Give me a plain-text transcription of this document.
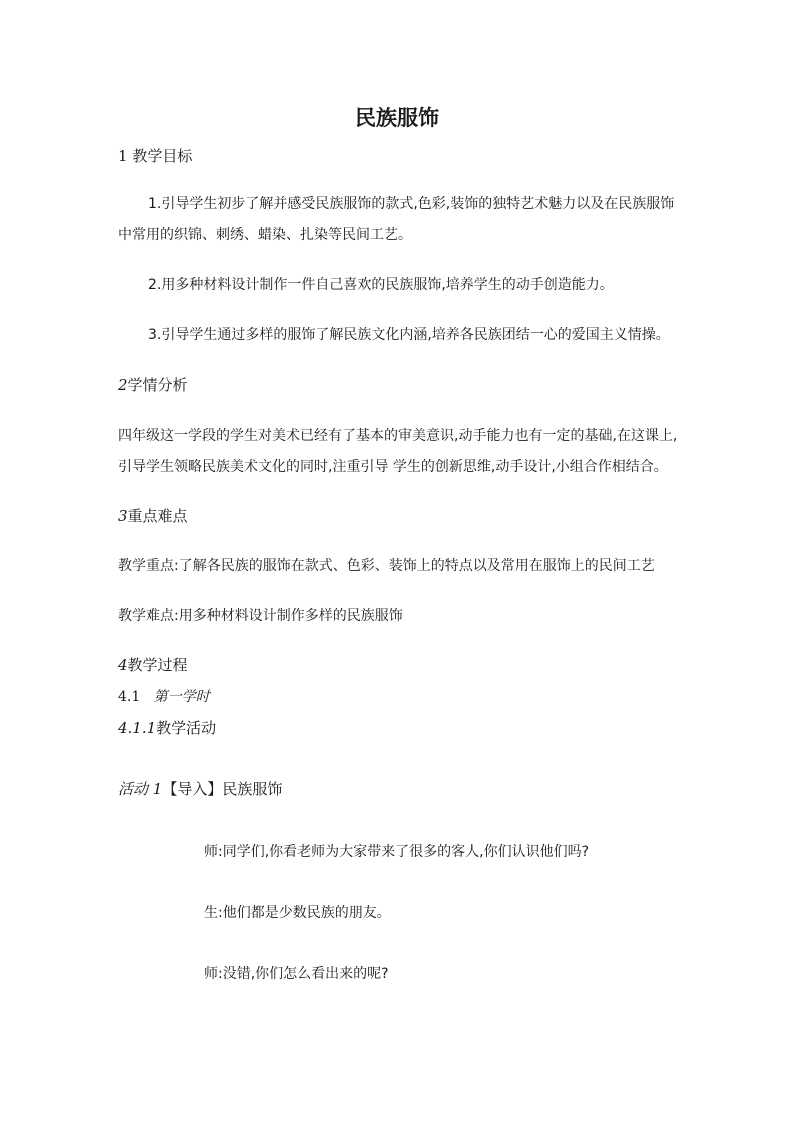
民族服饰
1 教学目标
1.引导学生初步了解并感受民族服饰的款式,色彩,装饰的独特艺术魅力以及在民族服饰
中常用的织锦、刺绣、蜡染、扎染等民间工艺。
2.用多种材料设计制作一件自己喜欢的民族服饰,培养学生的动手创造能力。
3.引导学生通过多样的服饰了解民族文化内涵,培养各民族团结一心的爱国主义情操。
2学情分析
四年级这一学段的学生对美术已经有了基本的审美意识,动手能力也有一定的基础,在这课上,
引导学生领略民族美术文化的同时,注重引导 学生的创新思维,动手设计,小组合作相结合。
3重点难点
教学重点:了解各民族的服饰在款式、色彩、装饰上的特点以及常用在服饰上的民间工艺
教学难点:用多种材料设计制作多样的民族服饰
4教学过程
4.1 第一学时
4.1.1教学活动
活动 1【导入】民族服饰
师:同学们,你看老师为大家带来了很多的客人,你们认识他们吗?
生:他们都是少数民族的朋友。
师:没错,你们怎么看出来的呢?
